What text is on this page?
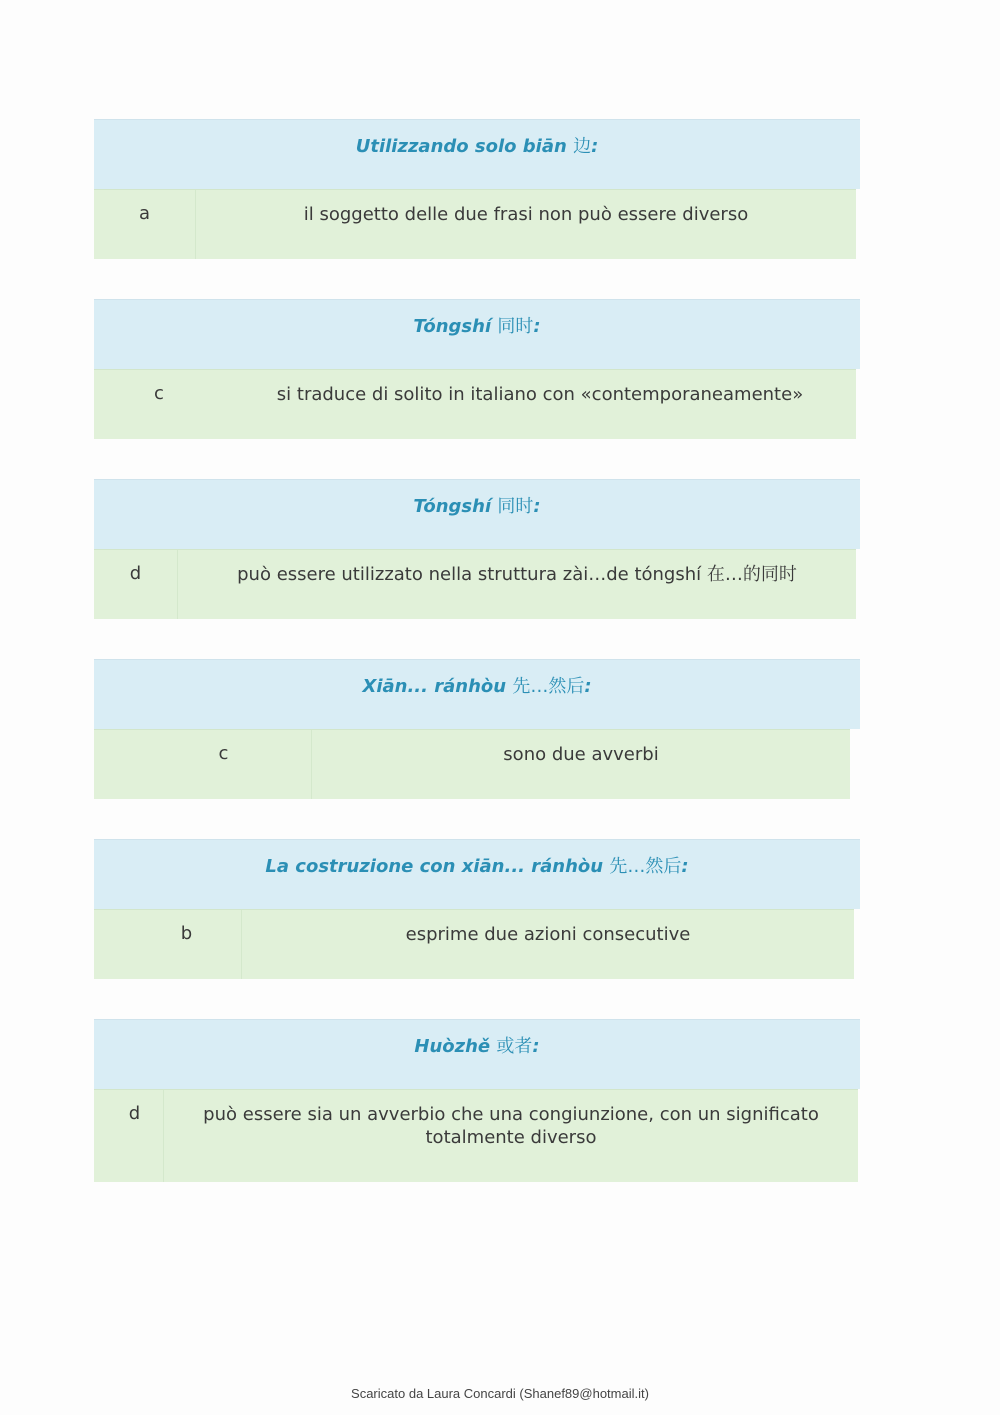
Utilizzando solo biān 边:
a	il soggetto delle due frasi non può essere diverso
Tóngshí 同时:
c	si traduce di solito in italiano con «contemporaneamente»
Tóngshí 同时:
d	può essere utilizzato nella struttura zài…de tóngshí 在…的同时
Xiān... ránhòu 先…然后:
c	sono due avverbi
La costruzione con xiān... ránhòu 先…然后:
b	esprime due azioni consecutive
Huòzhě 或者:
d	può essere sia un avverbio che una congiunzione, con un significato totalmente diverso
Scaricato da Laura Concardi (Shanef89@hotmail.it)
